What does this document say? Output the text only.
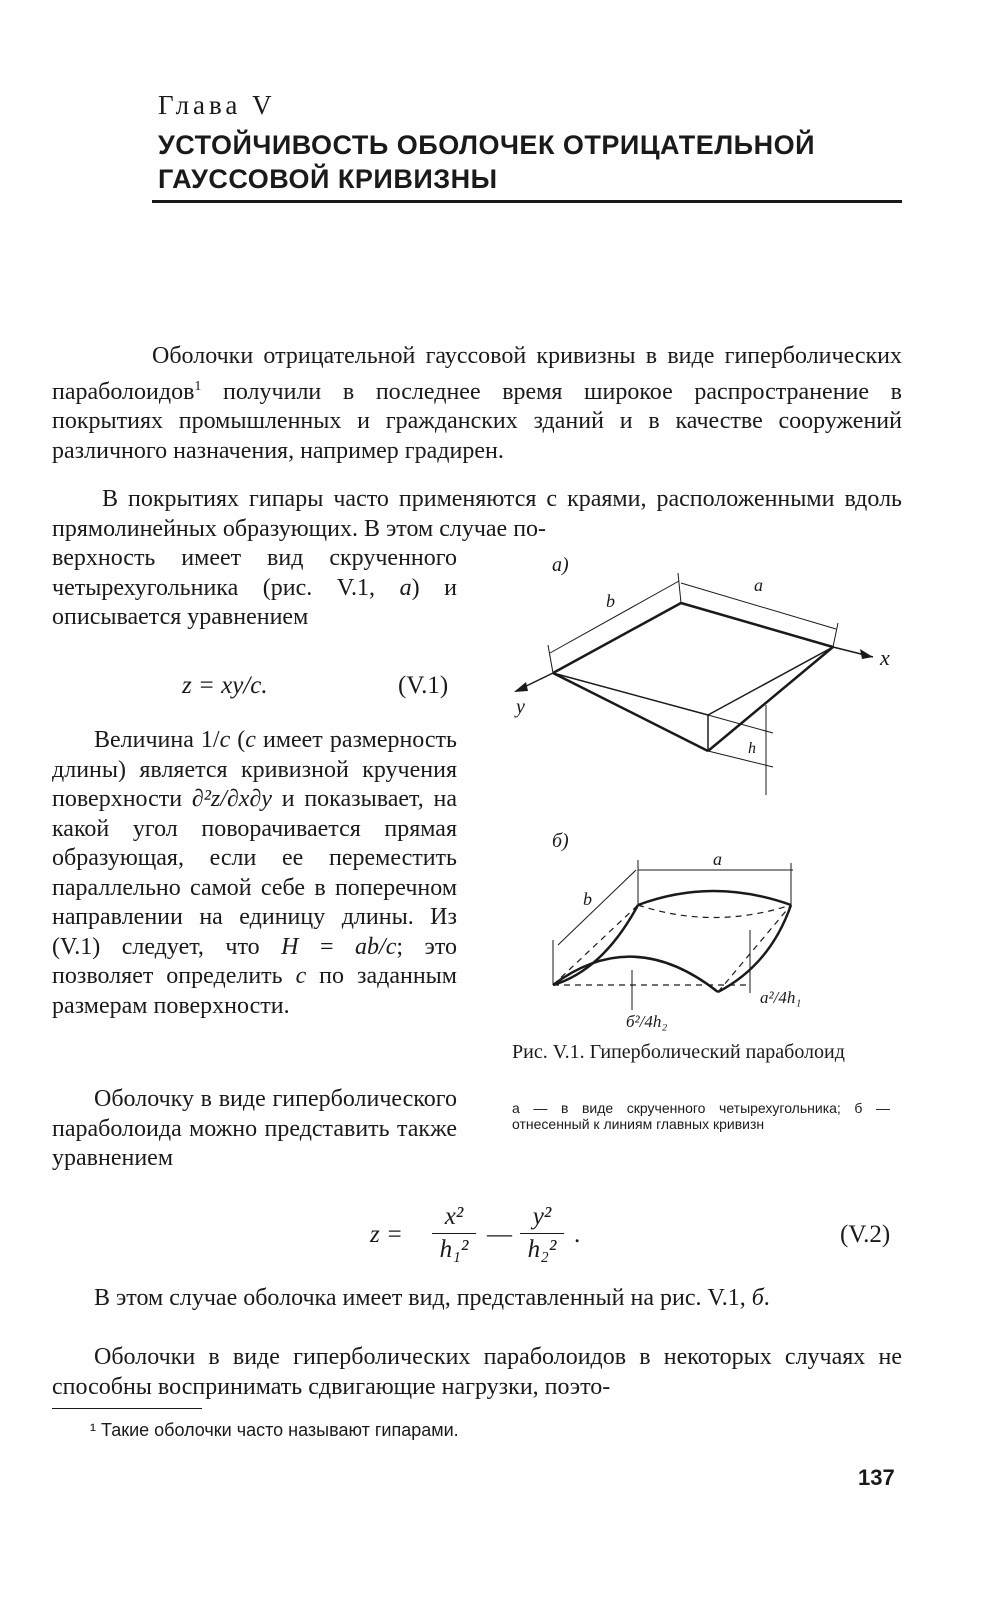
Глава V
УСТОЙЧИВОСТЬ ОБОЛОЧЕК ОТРИЦАТЕЛЬНОЙ
ГАУССОВОЙ КРИВИЗНЫ
Оболочки отрицательной гауссовой кривизны в виде гиперболических параболоидов$^1$ получили в последнее время широкое распространение в покрытиях промышленных и гражданских зданий и в качестве сооружений различного назначения, например градирен.
В покрытиях гипары часто применяются с краями, расположенными вдоль прямолинейных образующих. В этом случае по-
верхность имеет вид скрученного четырехугольника (рис. V.1, a) и описывается уравнением
z = xy/c.	(V.1)
Величина 1/c (c имеет размерность длины) является кривизной кручения поверхности ∂²z/∂x∂y и показывает, на какой угол поворачивается прямая образующая, если ее переместить параллельно самой себе в поперечном направлении на единицу длины. Из (V.1) следует, что H = ab/c; это позволяет определить c по заданным размерам поверхности.
Оболочку в виде гиперболического параболоида можно представить также уравнением
a)
x
y
b
a
h
б)
b
a
a²/4h₁
б²/4h₂
Рис. V.1. Гиперболический параболоид
а — в виде скрученного четырехугольника; б — отнесенный к линиям главных кривизн
z =
x²
h₁²
—
y²
h₂²
.	(V.2)
В этом случае оболочка имеет вид, представленный на рис. V.1, б.
Оболочки в виде гиперболических параболоидов в некоторых случаях не способны воспринимать сдвигающие нагрузки, поэто-
¹ Такие оболочки часто называют гипарами.
137
